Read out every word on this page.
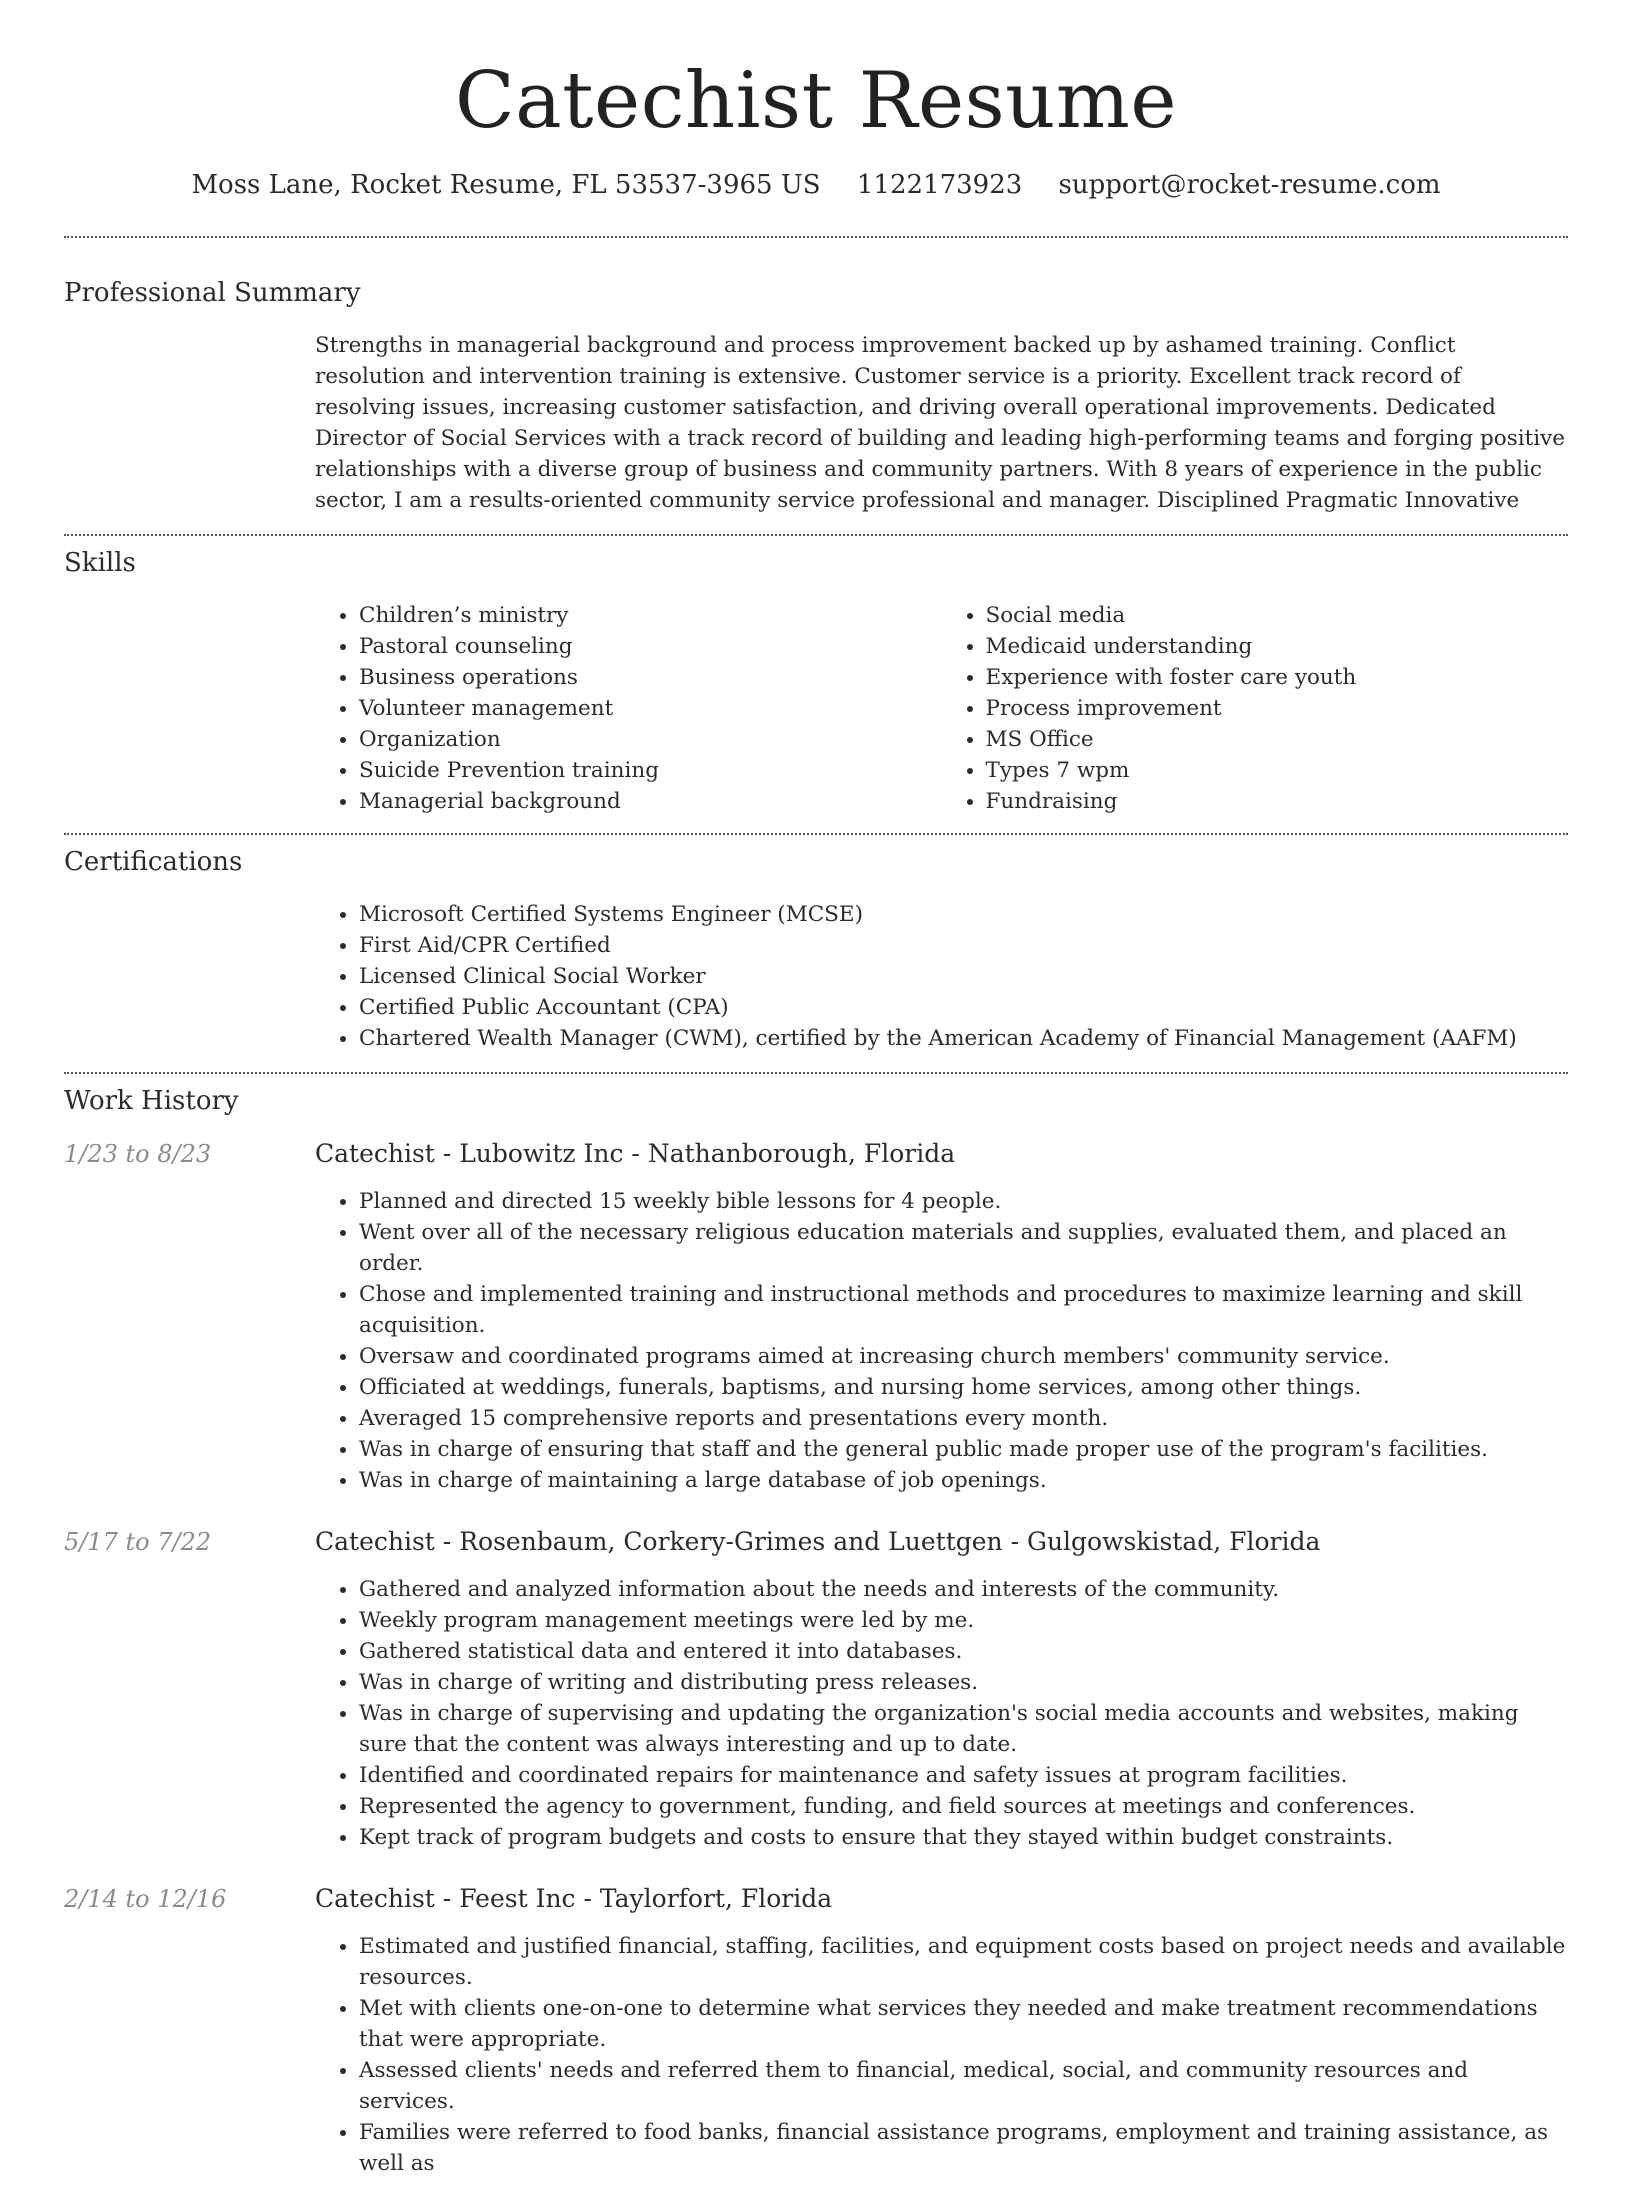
Catechist Resume
Moss Lane, Rocket Resume, FL 53537-3965 US 1122173923 support@rocket-resume.com
Professional Summary
Strengths in managerial background and process improvement backed up by ashamed training. Conflict resolution and intervention training is extensive. Customer service is a priority. Excellent track record of resolving issues, increasing customer satisfaction, and driving overall operational improvements. Dedicated Director of Social Services with a track record of building and leading high-performing teams and forging positive relationships with a diverse group of business and community partners. With 8 years of experience in the public sector, I am a results-oriented community service professional and manager. Disciplined Pragmatic Innovative
Skills
• Children’s ministry
• Pastoral counseling
• Business operations
• Volunteer management
• Organization
• Suicide Prevention training
• Managerial background
• Social media
• Medicaid understanding
• Experience with foster care youth
• Process improvement
• MS Office
• Types 7 wpm
• Fundraising
Certifications
• Microsoft Certified Systems Engineer (MCSE)
• First Aid/CPR Certified
• Licensed Clinical Social Worker
• Certified Public Accountant (CPA)
• Chartered Wealth Manager (CWM), certified by the American Academy of Financial Management (AAFM)
Work History
1/23 to 8/23	Catechist - Lubowitz Inc - Nathanborough, Florida
• Planned and directed 15 weekly bible lessons for 4 people.
• Went over all of the necessary religious education materials and supplies, evaluated them, and placed an order.
• Chose and implemented training and instructional methods and procedures to maximize learning and skill acquisition.
• Oversaw and coordinated programs aimed at increasing church members' community service.
• Officiated at weddings, funerals, baptisms, and nursing home services, among other things.
• Averaged 15 comprehensive reports and presentations every month.
• Was in charge of ensuring that staff and the general public made proper use of the program's facilities.
• Was in charge of maintaining a large database of job openings.
5/17 to 7/22	Catechist - Rosenbaum, Corkery-Grimes and Luettgen - Gulgowskistad, Florida
• Gathered and analyzed information about the needs and interests of the community.
• Weekly program management meetings were led by me.
• Gathered statistical data and entered it into databases.
• Was in charge of writing and distributing press releases.
• Was in charge of supervising and updating the organization's social media accounts and websites, making sure that the content was always interesting and up to date.
• Identified and coordinated repairs for maintenance and safety issues at program facilities.
• Represented the agency to government, funding, and field sources at meetings and conferences.
• Kept track of program budgets and costs to ensure that they stayed within budget constraints.
2/14 to 12/16	Catechist - Feest Inc - Taylorfort, Florida
• Estimated and justified financial, staffing, facilities, and equipment costs based on project needs and available resources.
• Met with clients one-on-one to determine what services they needed and make treatment recommendations that were appropriate.
• Assessed clients' needs and referred them to financial, medical, social, and community resources and services.
• Families were referred to food banks, financial assistance programs, employment and training assistance, as well as
